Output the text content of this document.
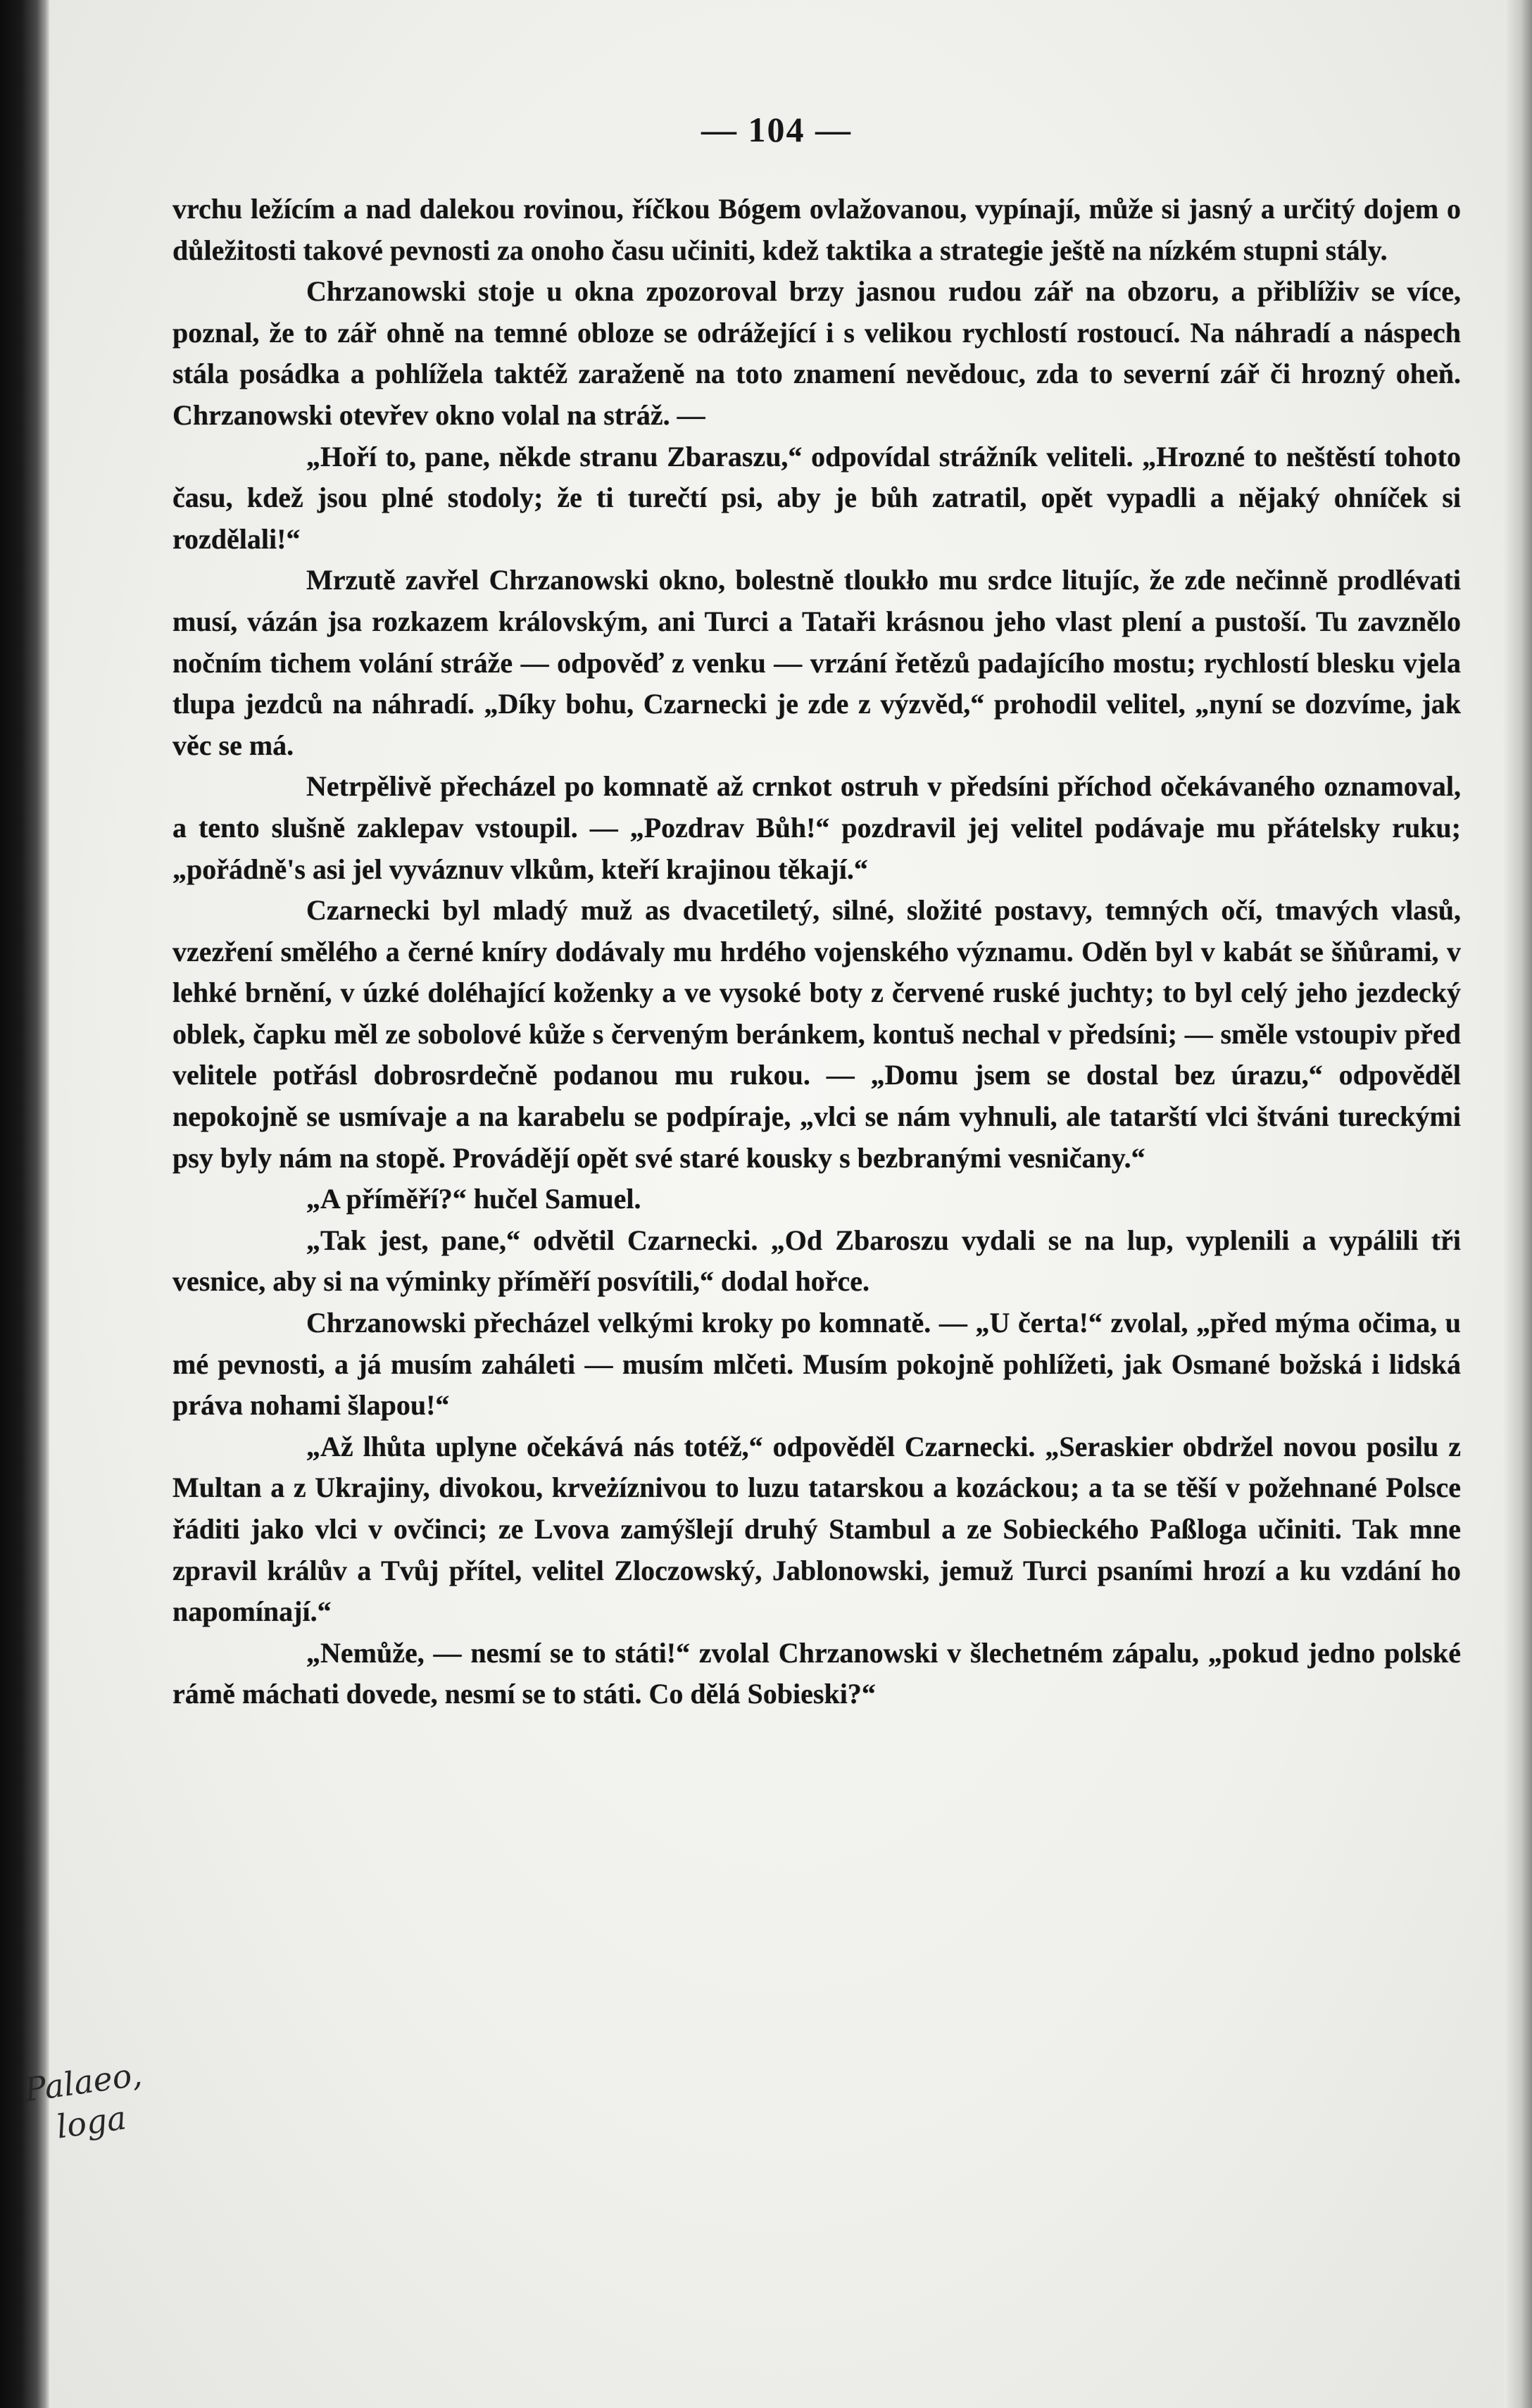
— 104 —

vrchu ležícím a nad dalekou rovinou, říčkou Bógem ovlažovanou, vypínají, může si jasný a určitý dojem o důležitosti takové pevnosti za onoho času učiniti, kdež taktika a strategie ještě na nízkém stupni stály.

Chrzanowski stoje u okna zpozoroval brzy jasnou rudou zář na obzoru, a přiblíživ se více, poznal, že to zář ohně na temné obloze se odrážející i s velikou rychlostí rostoucí. Na náhradí a náspech stála posádka a pohlížela taktéž zaraženě na toto znamení nevědouc, zda to severní zář či hrozný oheň. Chrzanowski otevřev okno volal na stráž. —

„Hoří to, pane, někde stranu Zbaraszu,“ odpovídal strážník veliteli. „Hrozné to neštěstí tohoto času, kdež jsou plné stodoly; že ti turečtí psi, aby je bůh zatratil, opět vypadli a nějaký ohníček si rozdělali!“

Mrzutě zavřel Chrzanowski okno, bolestně tloukło mu srdce litujíc, že zde nečinně prodlévati musí, vázán jsa rozkazem královským, ani Turci a Tataři krásnou jeho vlast plení a pustoší. Tu zavznělo nočním tichem volání stráže — odpověď z venku — vrzání řetězů padajícího mostu; rychlostí blesku vjela tlupa jezdců na náhradí. „Díky bohu, Czarnecki je zde z výzvěd,“ prohodil velitel, „nyní se dozvíme, jak věc se má.

Netrpělivě přecházel po komnatě až crnkot ostruh v předsíni příchod očekávaného oznamoval, a tento slušně zaklepav vstoupil. — „Pozdrav Bůh!“ pozdravil jej velitel podávaje mu přátelsky ruku; „pořádně's asi jel vyváznuv vlkům, kteří krajinou těkají.“

Czarnecki byl mladý muž as dvacetiletý, silné, složité postavy, temných očí, tmavých vlasů, vzezření smělého a černé kníry dodávaly mu hrdého vojenského významu. Oděn byl v kabát se šňůrami, v lehké brnění, v úzké doléhající koženky a ve vysoké boty z červené ruské juchty; to byl celý jeho jezdecký oblek, čapku měl ze sobolové kůže s červeným beránkem, kontuš nechal v předsíni; — směle vstoupiv před velitele potřásl dobrosrdečně podanou mu rukou. — „Domu jsem se dostal bez úrazu,“ odpověděl nepokojně se usmívaje a na karabelu se podpíraje, „vlci se nám vyhnuli, ale tatarští vlci štváni tureckými psy byly nám na stopě. Provádějí opět své staré kousky s bezbranými vesničany.“

„A příměří?“ hučel Samuel.

„Tak jest, pane,“ odvětil Czarnecki. „Od Zbaroszu vydali se na lup, vyplenili a vypálili tři vesnice, aby si na výminky příměří posvítili,“ dodal hořce.

Chrzanowski přecházel velkými kroky po komnatě. — „U čerta!“ zvolal, „před mýma očima, u mé pevnosti, a já musím zaháleti — musím mlčeti. Musím pokojně pohlížeti, jak Osmané božská i lidská práva nohami šlapou!“

„Až lhůta uplyne očekává nás totéž,“ odpověděl Czarnecki. „Seraskier obdržel novou posilu z Multan a z Ukrajiny, divokou, krveżíznivou to luzu tatarskou a kozáckou; a ta se těší v požehnané Polsce řáditi jako vlci v ovčinci; ze Lvova zamýšlejí druhý Stambul a ze Sobieckého Paßloga učiniti. Tak mne zpravil králův a Tvůj přítel, velitel Zloczowský, Jablonowski, jemuž Turci psaními hrozí a ku vzdání ho napomínají.“

„Nemůže, — nesmí se to státi!“ zvolal Chrzanowski v šlechetném zápalu, „pokud jedno polské rámě máchati dovede, nesmí se to státi. Co dělá Sobieski?“

Palaeo,
loga
